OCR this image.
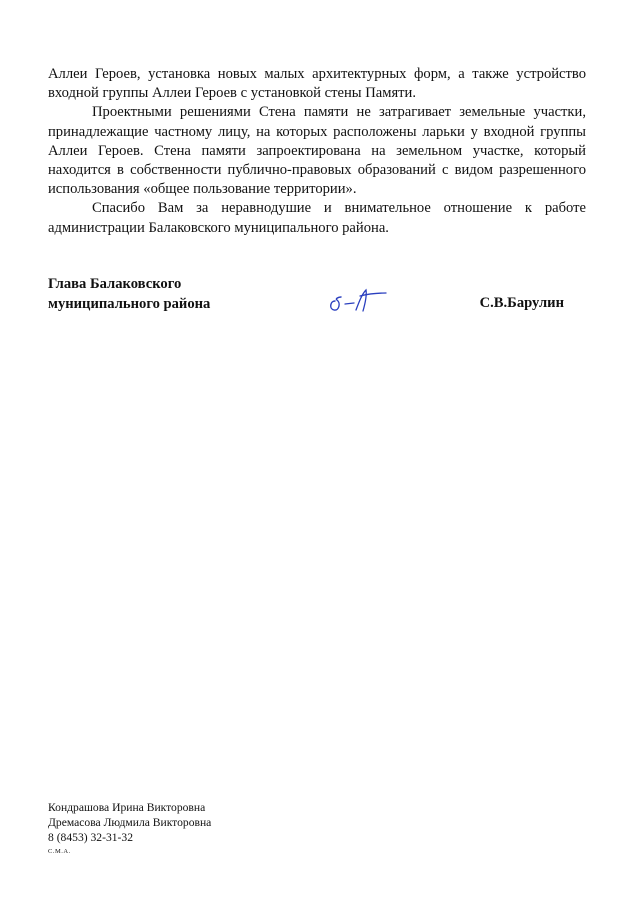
Аллеи Героев, установка новых малых архитектурных форм, а также устройство входной группы Аллеи Героев с установкой стены Памяти.

Проектными решениями Стена памяти не затрагивает земельные участки, принадлежащие частному лицу, на которых расположены ларьки у входной группы Аллеи Героев. Стена памяти запроектирована на земельном участке, который находится в собственности публично-правовых образований с видом разрешенного использования «общее пользование территории».

Спасибо Вам за неравнодушие и внимательное отношение к работе администрации Балаковского муниципального района.

Глава Балаковского
муниципального района	С.В.Барулин
Кондрашова Ирина Викторовна
Дремасова Людмила Викторовна
8 (8453) 32-31-32
С.М.А.
